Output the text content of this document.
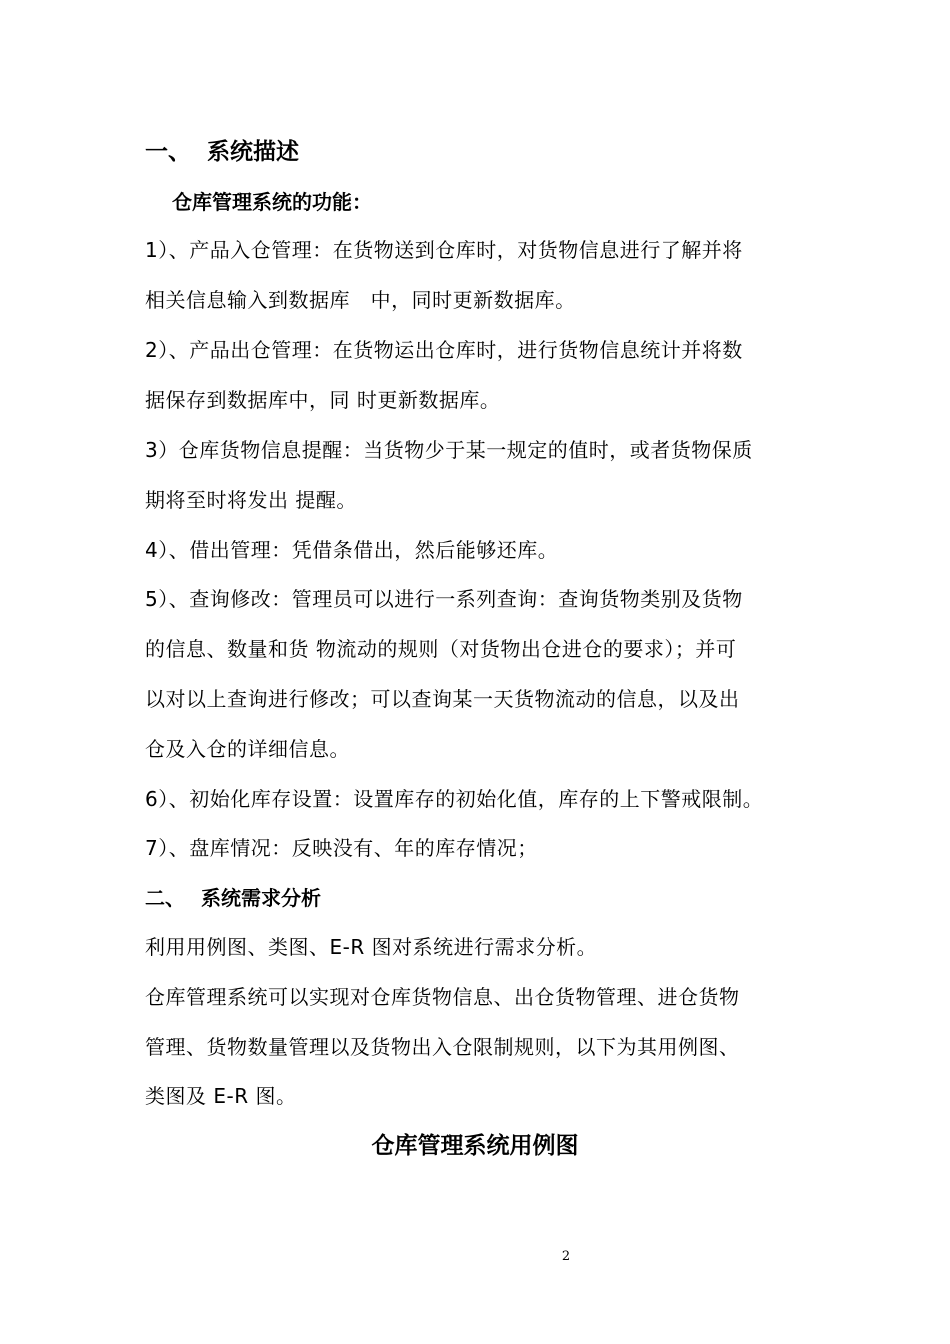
一、 系统描述
仓库管理系统的功能：
1）、产品入仓管理：在货物送到仓库时，对货物信息进行了解并将
相关信息输入到数据库   中，同时更新数据库。
2）、产品出仓管理：在货物运出仓库时，进行货物信息统计并将数
据保存到数据库中，同 时更新数据库。
3）仓库货物信息提醒：当货物少于某一规定的值时，或者货物保质
期将至时将发出 提醒。
4）、借出管理：凭借条借出，然后能够还库。
5）、查询修改：管理员可以进行一系列查询：查询货物类别及货物
的信息、数量和货 物流动的规则（对货物出仓进仓的要求）；并可
以对以上查询进行修改；可以查询某一天货物流动的信息，以及出
仓及入仓的详细信息。
6）、初始化库存设置：设置库存的初始化值，库存的上下警戒限制。
7）、盘库情况：反映没有、年的库存情况；
二、 系统需求分析
利用用例图、类图、E-R 图对系统进行需求分析。
仓库管理系统可以实现对仓库货物信息、出仓货物管理、进仓货物
管理、货物数量管理以及货物出入仓限制规则，以下为其用例图、
类图及 E-R 图。
仓库管理系统用例图
2
